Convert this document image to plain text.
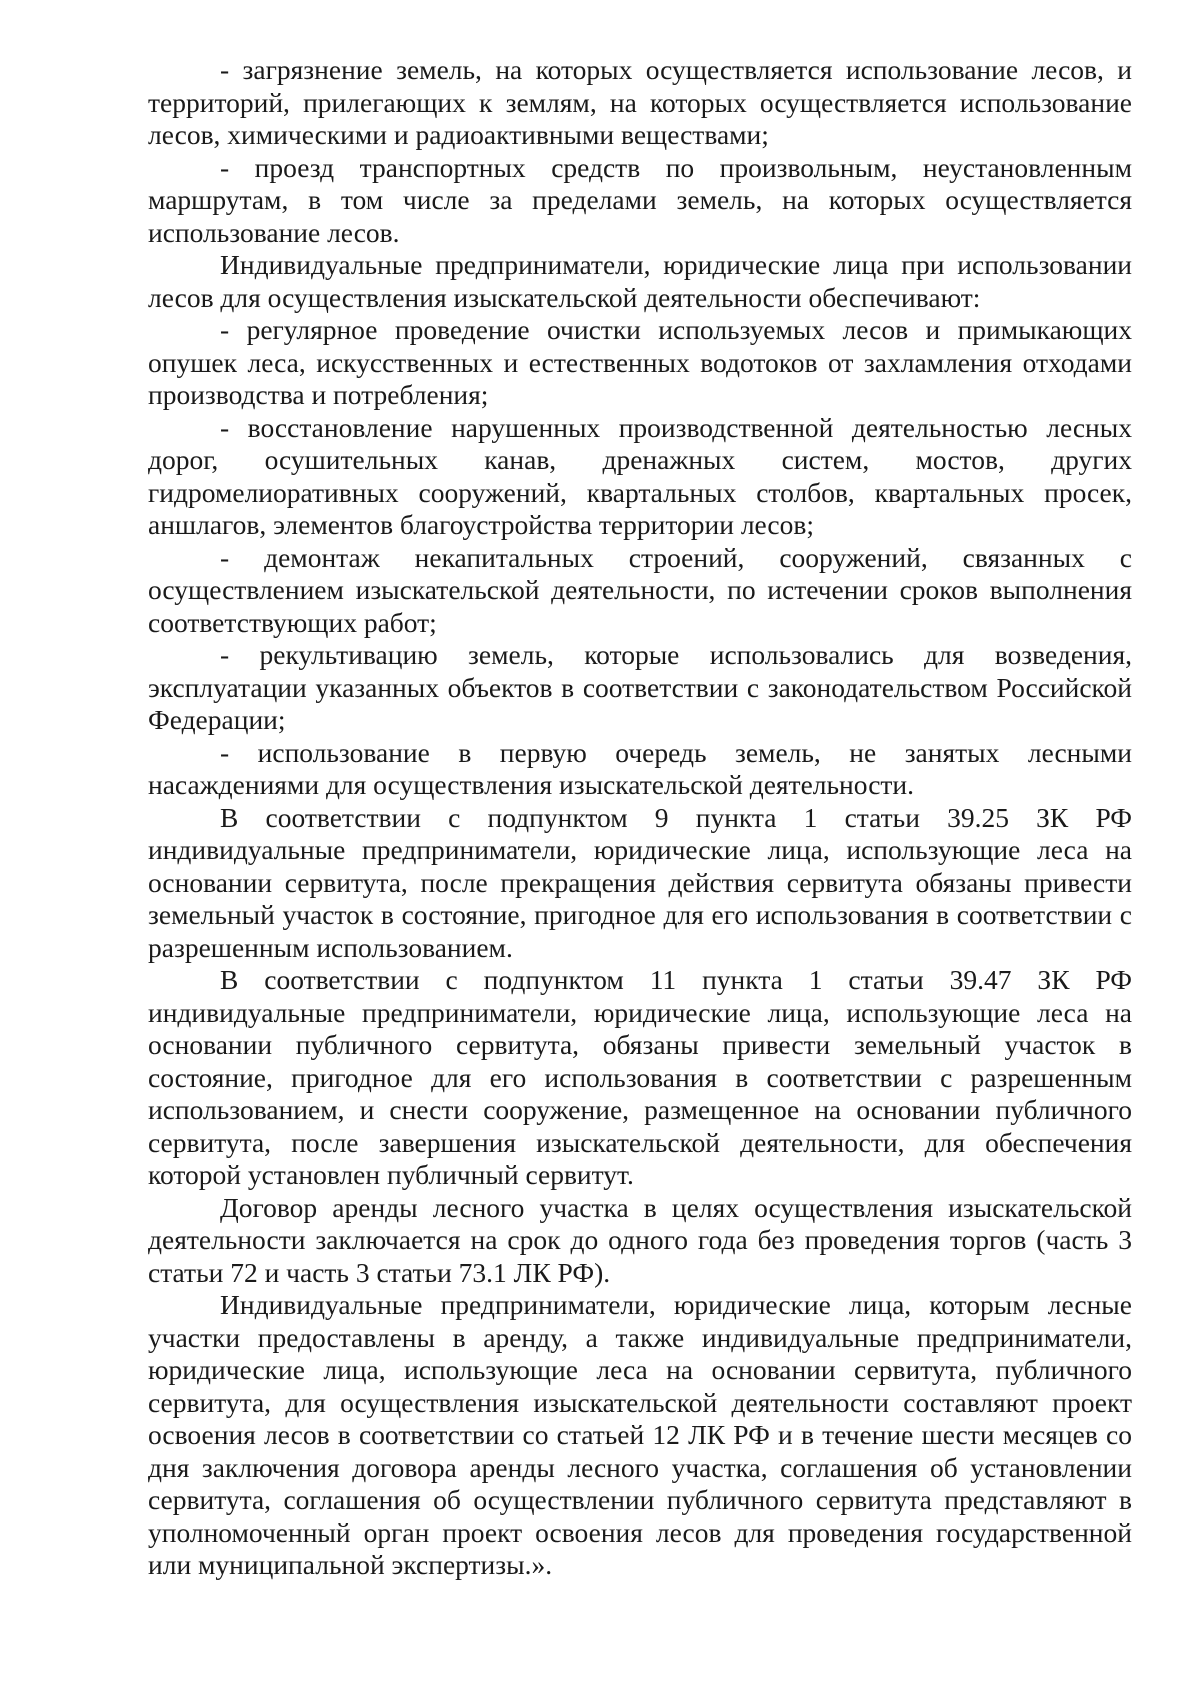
- загрязнение земель, на которых осуществляется использование лесов, и территорий, прилегающих к землям, на которых осуществляется использование лесов, химическими и радиоактивными веществами;

- проезд транспортных средств по произвольным, неустановленным маршрутам, в том числе за пределами земель, на которых осуществляется использование лесов.

Индивидуальные предприниматели, юридические лица при использовании лесов для осуществления изыскательской деятельности обеспечивают:

- регулярное проведение очистки используемых лесов и примыкающих опушек леса, искусственных и естественных водотоков от захламления отходами производства и потребления;

- восстановление нарушенных производственной деятельностью лесных дорог, осушительных канав, дренажных систем, мостов, других гидромелиоративных сооружений, квартальных столбов, квартальных просек, аншлагов, элементов благоустройства территории лесов;

- демонтаж некапитальных строений, сооружений, связанных с осуществлением изыскательской деятельности, по истечении сроков выполнения соответствующих работ;

- рекультивацию земель, которые использовались для возведения, эксплуатации указанных объектов в соответствии с законодательством Российской Федерации;

- использование в первую очередь земель, не занятых лесными насаждениями для осуществления изыскательской деятельности.

В соответствии с подпунктом 9 пункта 1 статьи 39.25 ЗК РФ индивидуальные предприниматели, юридические лица, использующие леса на основании сервитута, после прекращения действия сервитута обязаны привести земельный участок в состояние, пригодное для его использования в соответствии с разрешенным использованием.

В соответствии с подпунктом 11 пункта 1 статьи 39.47 ЗК РФ индивидуальные предприниматели, юридические лица, использующие леса на основании публичного сервитута, обязаны привести земельный участок в состояние, пригодное для его использования в соответствии с разрешенным использованием, и снести сооружение, размещенное на основании публичного сервитута, после завершения изыскательской деятельности, для обеспечения которой установлен публичный сервитут.

Договор аренды лесного участка в целях осуществления изыскательской деятельности заключается на срок до одного года без проведения торгов (часть 3 статьи 72 и часть 3 статьи 73.1 ЛК РФ).

Индивидуальные предприниматели, юридические лица, которым лесные участки предоставлены в аренду, а также индивидуальные предприниматели, юридические лица, использующие леса на основании сервитута, публичного сервитута, для осуществления изыскательской деятельности составляют проект освоения лесов в соответствии со статьей 12 ЛК РФ и в течение шести месяцев со дня заключения договора аренды лесного участка, соглашения об установлении сервитута, соглашения об осуществлении публичного сервитута представляют в уполномоченный орган проект освоения лесов для проведения государственной или муниципальной экспертизы.».
